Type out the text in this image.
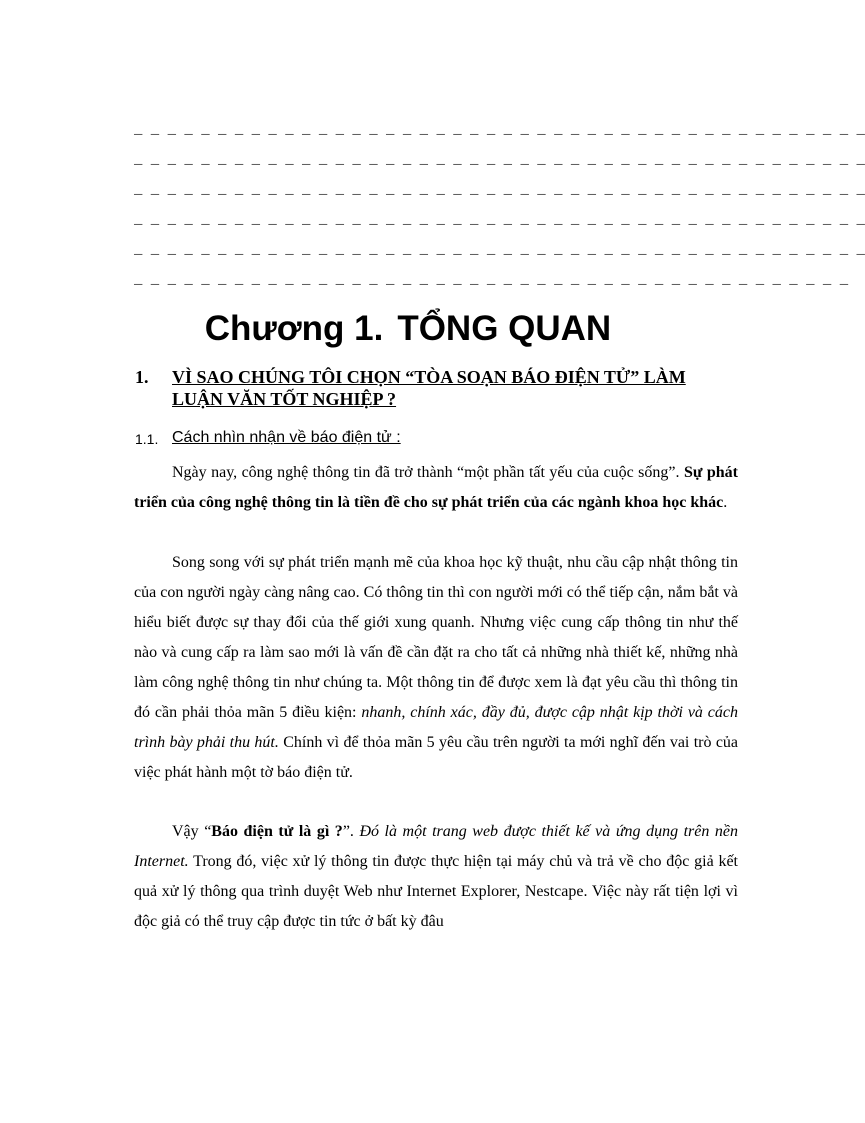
_ _ _ _ _ _ _ _ _ _ _ _ _ _ _ _ _ _ _ _ _ _ _ _ _ _ _ _ _ _ _ _ _ _ _ _ _ _ _ _ _ _ _ _
_ _ _ _ _ _ _ _ _ _ _ _ _ _ _ _ _ _ _ _ _ _ _ _ _ _ _ _ _ _ _ _ _ _ _ _ _ _ _ _ _ _ _ _
_ _ _ _ _ _ _ _ _ _ _ _ _ _ _ _ _ _ _ _ _ _ _ _ _ _ _ _ _ _ _ _ _ _ _ _ _ _ _ _ _ _ _ _
_ _ _ _ _ _ _ _ _ _ _ _ _ _ _ _ _ _ _ _ _ _ _ _ _ _ _ _ _ _ _ _ _ _ _ _ _ _ _ _ _ _ _ _
_ _ _ _ _ _ _ _ _ _ _ _ _ _ _ _ _ _ _ _ _ _ _ _ _ _ _ _ _ _ _ _ _ _ _ _ _ _ _ _ _ _ _ _
_ _ _ _ _ _ _ _ _ _ _ _ _ _ _ _ _ _ _ _ _ _ _ _ _ _ _ _ _ _ _ _ _ _ _ _ _ _ _ _ _ _ _
Chương 1. TỔNG QUAN
1. VÌ SAO CHÚNG TÔI CHỌN “TÒA SOẠN BÁO ĐIỆN TỬ” LÀM LUẬN VĂN TỐT NGHIỆP ?
1.1. Cách nhìn nhận về báo điện tử :
Ngày nay, công nghệ thông tin đã trở thành “một phần tất yếu của cuộc sống”. Sự phát triển của công nghệ thông tin là tiền đề cho sự phát triển của các ngành khoa học khác.
Song song với sự phát triển mạnh mẽ của khoa học kỹ thuật, nhu cầu cập nhật thông tin của con người ngày càng nâng cao. Có thông tin thì con người mới có thể tiếp cận, nắm bắt và hiểu biết được sự thay đổi của thế giới xung quanh. Nhưng việc cung cấp thông tin như thế nào và cung cấp ra làm sao mới là vấn đề cần đặt ra cho tất cả những nhà thiết kế, những nhà làm công nghệ thông tin như chúng ta. Một thông tin để được xem là đạt yêu cầu thì thông tin đó cần phải thỏa mãn 5 điều kiện: nhanh, chính xác, đầy đủ, được cập nhật kịp thời và cách trình bày phải thu hút. Chính vì để thỏa mãn 5 yêu cầu trên người ta mới nghĩ đến vai trò của việc phát hành một tờ báo điện tử.
Vậy “Báo điện tử là gì ?”. Đó là một trang web được thiết kế và ứng dụng trên nền Internet. Trong đó, việc xử lý thông tin được thực hiện tại máy chủ và trả về cho độc giả kết quả xử lý thông qua trình duyệt Web như Internet Explorer, Nestcape. Việc này rất tiện lợi vì độc giả có thể truy cập được tin tức ở bất kỳ đâu
